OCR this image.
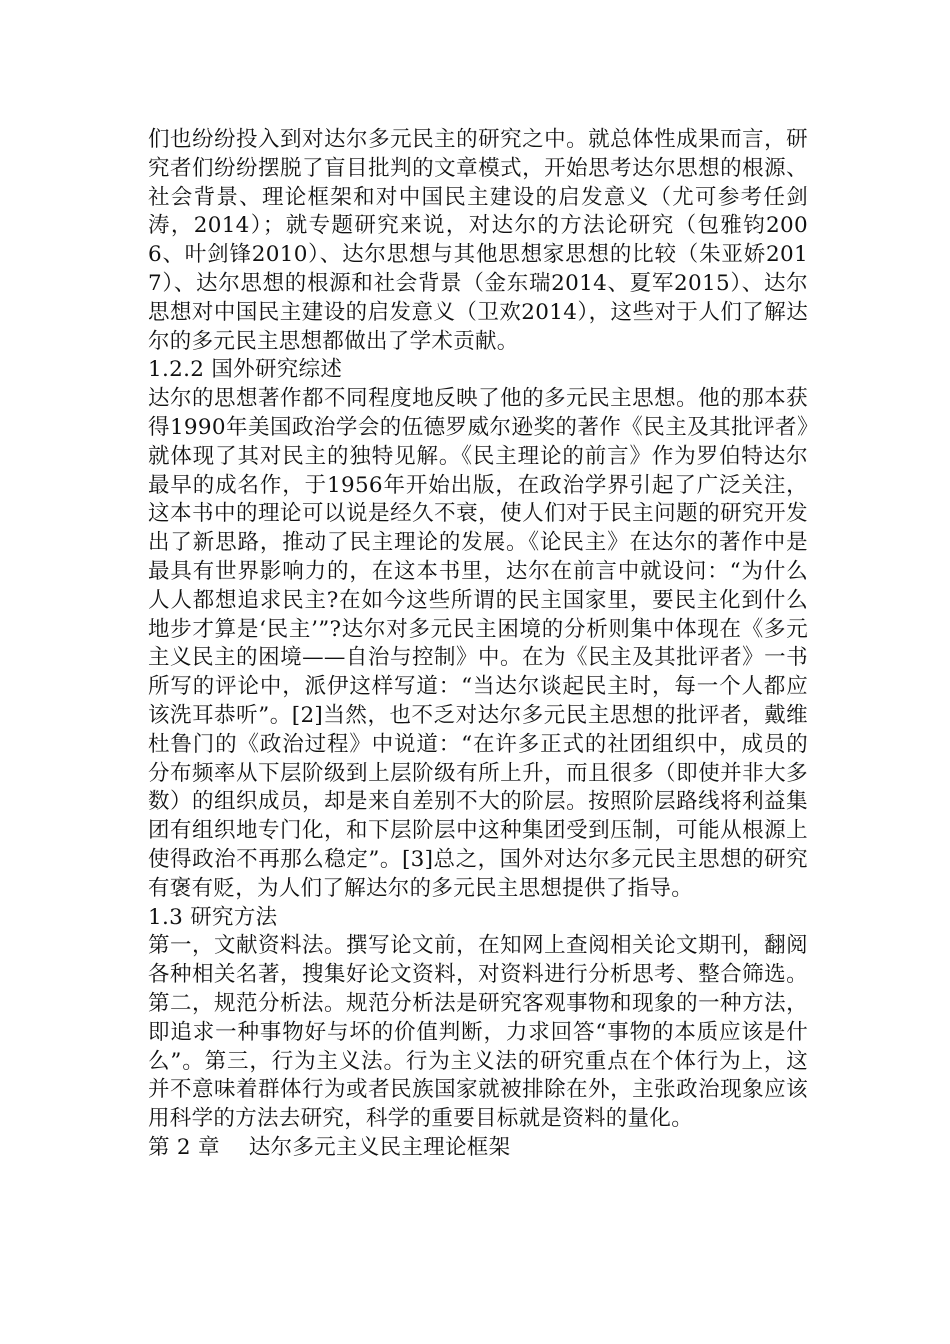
们也纷纷投入到对达尔多元民主的研究之中。就总体性成果而言，研究者们纷纷摆脱了盲目批判的文章模式，开始思考达尔思想的根源、社会背景、理论框架和对中国民主建设的启发意义（尤可参考任剑涛，2014）；就专题研究来说，对达尔的方法论研究（包雅钧2006、叶剑锋2010）、达尔思想与其他思想家思想的比较（朱亚娇2017）、达尔思想的根源和社会背景（金东瑞2014、夏军2015）、达尔思想对中国民主建设的启发意义（卫欢2014），这些对于人们了解达尔的多元民主思想都做出了学术贡献。

1.2.2 国外研究综述

达尔的思想著作都不同程度地反映了他的多元民主思想。他的那本获得1990年美国政治学会的伍德罗威尔逊奖的著作《民主及其批评者》就体现了其对民主的独特见解。《民主理论的前言》作为罗伯特达尔最早的成名作，于1956年开始出版，在政治学界引起了广泛关注，这本书中的理论可以说是经久不衰，使人们对于民主问题的研究开发出了新思路，推动了民主理论的发展。《论民主》在达尔的著作中是最具有世界影响力的，在这本书里，达尔在前言中就设问：“为什么人人都想追求民主?在如今这些所谓的民主国家里，要民主化到什么地步才算是‘民主’”?达尔对多元民主困境的分析则集中体现在《多元主义民主的困境——自治与控制》中。在为《民主及其批评者》一书所写的评论中，派伊这样写道：“当达尔谈起民主时，每一个人都应该洗耳恭听”。[2]当然，也不乏对达尔多元民主思想的批评者，戴维杜鲁门的《政治过程》中说道：“在许多正式的社团组织中，成员的分布频率从下层阶级到上层阶级有所上升，而且很多（即使并非大多数）的组织成员，却是来自差别不大的阶层。按照阶层路线将利益集团有组织地专门化，和下层阶层中这种集团受到压制，可能从根源上使得政治不再那么稳定”。[3]总之，国外对达尔多元民主思想的研究有褒有贬，为人们了解达尔的多元民主思想提供了指导。

1.3 研究方法

第一，文献资料法。撰写论文前，在知网上查阅相关论文期刊，翻阅各种相关名著，搜集好论文资料，对资料进行分析思考、整合筛选。第二，规范分析法。规范分析法是研究客观事物和现象的一种方法，即追求一种事物好与坏的价值判断，力求回答“事物的本质应该是什么”。第三，行为主义法。行为主义法的研究重点在个体行为上，这并不意味着群体行为或者民族国家就被排除在外，主张政治现象应该用科学的方法去研究，科学的重要目标就是资料的量化。

第 2 章　 达尔多元主义民主理论框架
